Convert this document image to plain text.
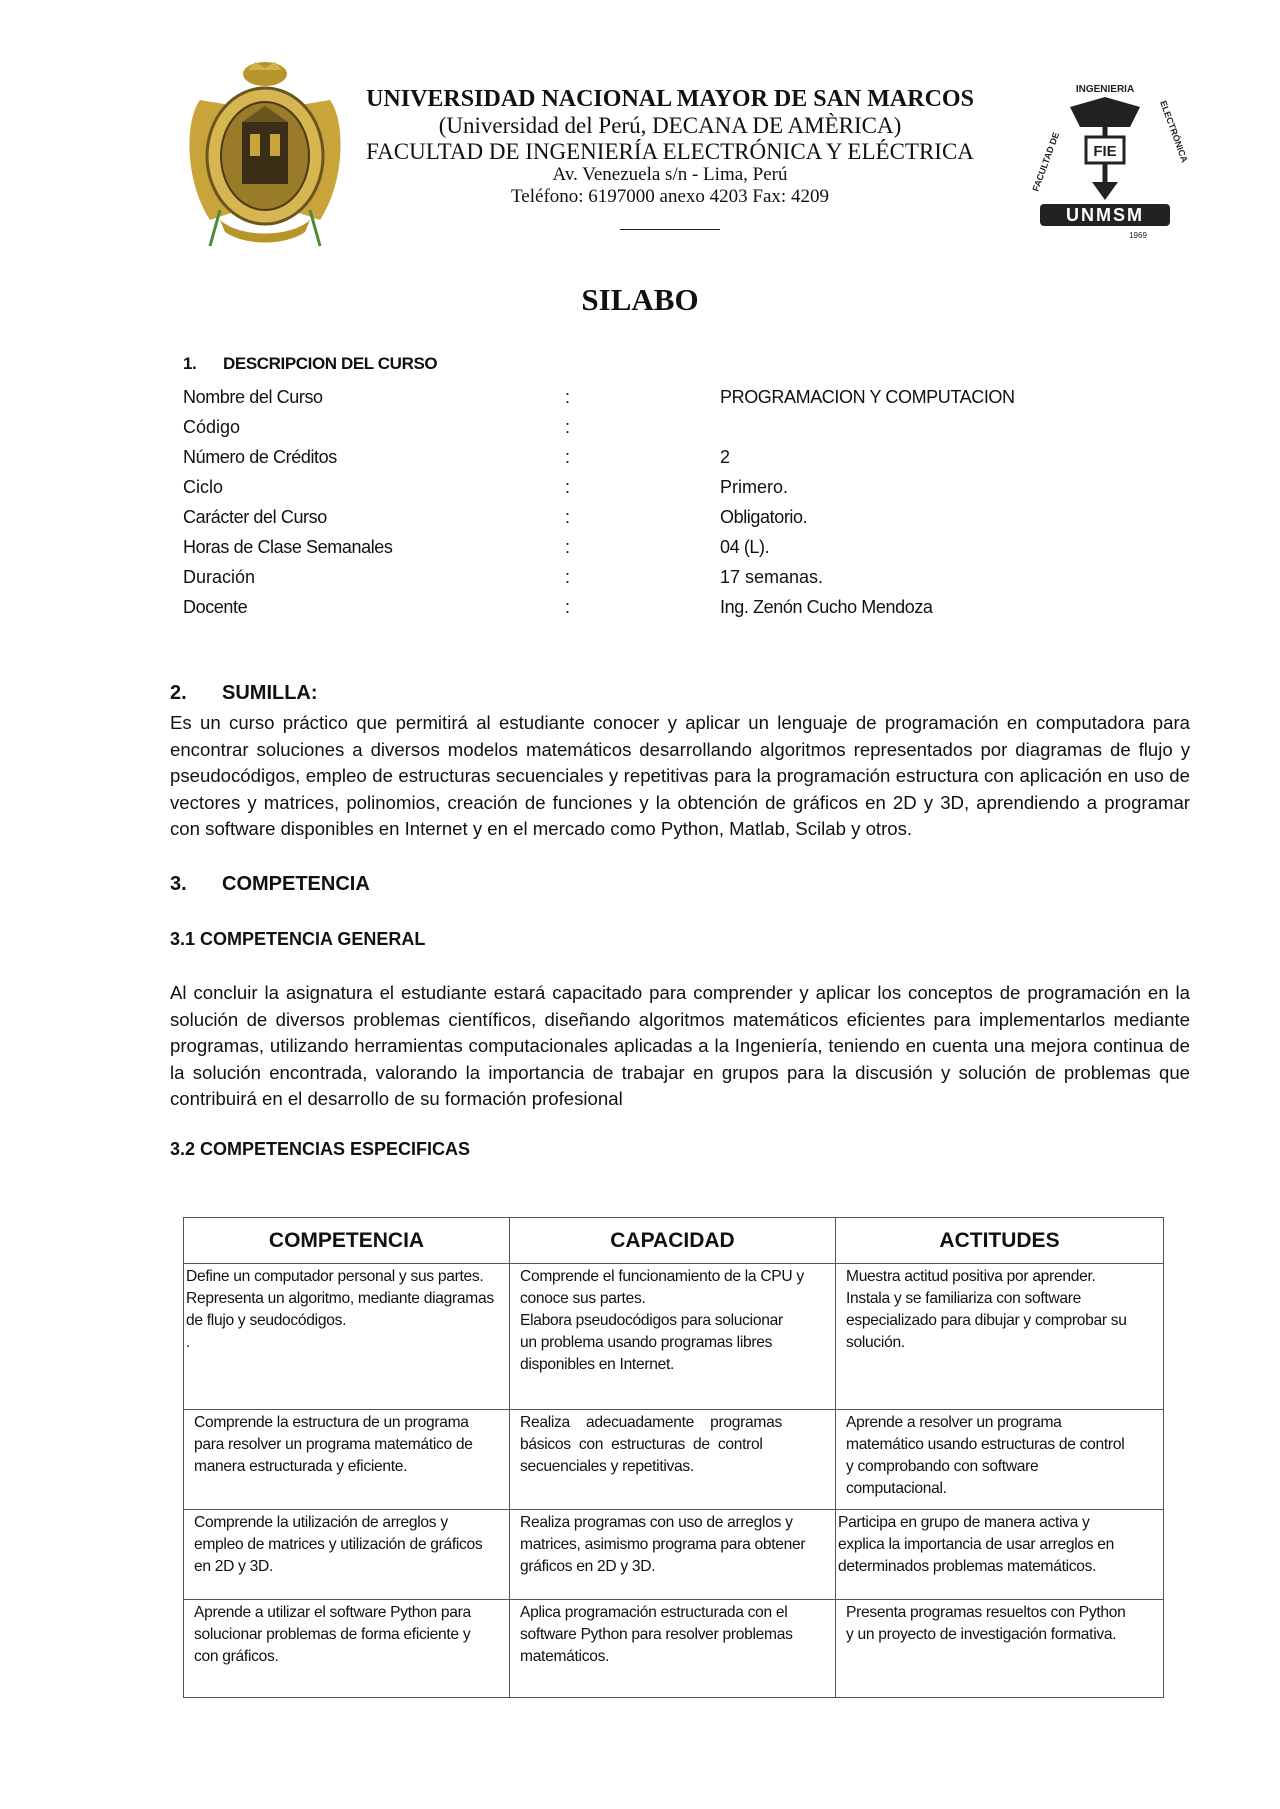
UNIVERSIDAD NACIONAL MAYOR DE SAN MARCOS
(Universidad del Perú, DECANA DE AMÈRICA)
FACULTAD DE INGENIERÍA ELECTRÓNICA Y ELÉCTRICA
Av. Venezuela s/n - Lima, Perú
Teléfono: 6197000 anexo 4203 Fax: 4209
INGENIERIA
FACULTAD DE	ELECTRÓNICA
FIE
UNMSM
1969
SILABO
1. DESCRIPCION DEL CURSO
Nombre del Curso	:	PROGRAMACION Y COMPUTACION
Código	:
Número de Créditos	:	2
Ciclo	:	Primero.
Carácter del Curso	:	Obligatorio.
Horas de Clase Semanales	:	04 (L).
Duración	:	17 semanas.
Docente	:	Ing. Zenón Cucho Mendoza
2. SUMILLA:
Es un curso práctico que permitirá al estudiante conocer y aplicar un lenguaje de programación en computadora para encontrar soluciones a diversos modelos matemáticos desarrollando algoritmos representados por diagramas de flujo y pseudocódigos, empleo de estructuras secuenciales y repetitivas para la programación estructura con aplicación en uso de vectores y matrices, polinomios, creación de funciones y la obtención de gráficos en 2D y 3D, aprendiendo a programar con software disponibles en Internet y en el mercado como Python, Matlab, Scilab y otros.
3. COMPETENCIA
3.1 COMPETENCIA GENERAL
Al concluir la asignatura el estudiante estará capacitado para comprender y aplicar los conceptos de programación en la solución de diversos problemas científicos, diseñando algoritmos matemáticos eficientes para implementarlos mediante programas, utilizando herramientas computacionales aplicadas a la Ingeniería, teniendo en cuenta una mejora continua de la solución encontrada, valorando la importancia de trabajar en grupos para la discusión y solución de problemas que contribuirá en el desarrollo de su formación profesional
3.2 COMPETENCIAS ESPECIFICAS
COMPETENCIA	CAPACIDAD	ACTITUDES

Define un computador personal y sus partes.
Representa un algoritmo, mediante diagramas
de flujo y seudocódigos.
.	Comprende el funcionamiento de la CPU y
conoce sus partes.
Elabora pseudocódigos para solucionar
un problema usando programas libres
disponibles en Internet.	Muestra actitud positiva por aprender.
Instala y se familiariza con software
especializado para dibujar y comprobar su
solución.

Comprende la estructura de un programa
para resolver un programa matemático de
manera estructurada y eficiente.	Realiza    adecuadamente    programas
básicos  con  estructuras  de  control
secuenciales y repetitivas.	Aprende a resolver un programa
matemático usando estructuras de control
y comprobando con software
computacional.

Comprende la utilización de arreglos y
empleo de matrices y utilización de gráficos
en 2D y 3D.	Realiza programas con uso de arreglos y
matrices, asimismo programa para obtener
gráficos en 2D y 3D.	Participa en grupo de manera activa y
explica la importancia de usar arreglos en
determinados problemas matemáticos.

Aprende a utilizar el software Python para
solucionar problemas de forma eficiente y
con gráficos.	Aplica programación estructurada con el
software Python para resolver problemas
matemáticos.	Presenta programas resueltos con Python
y un proyecto de investigación formativa.
